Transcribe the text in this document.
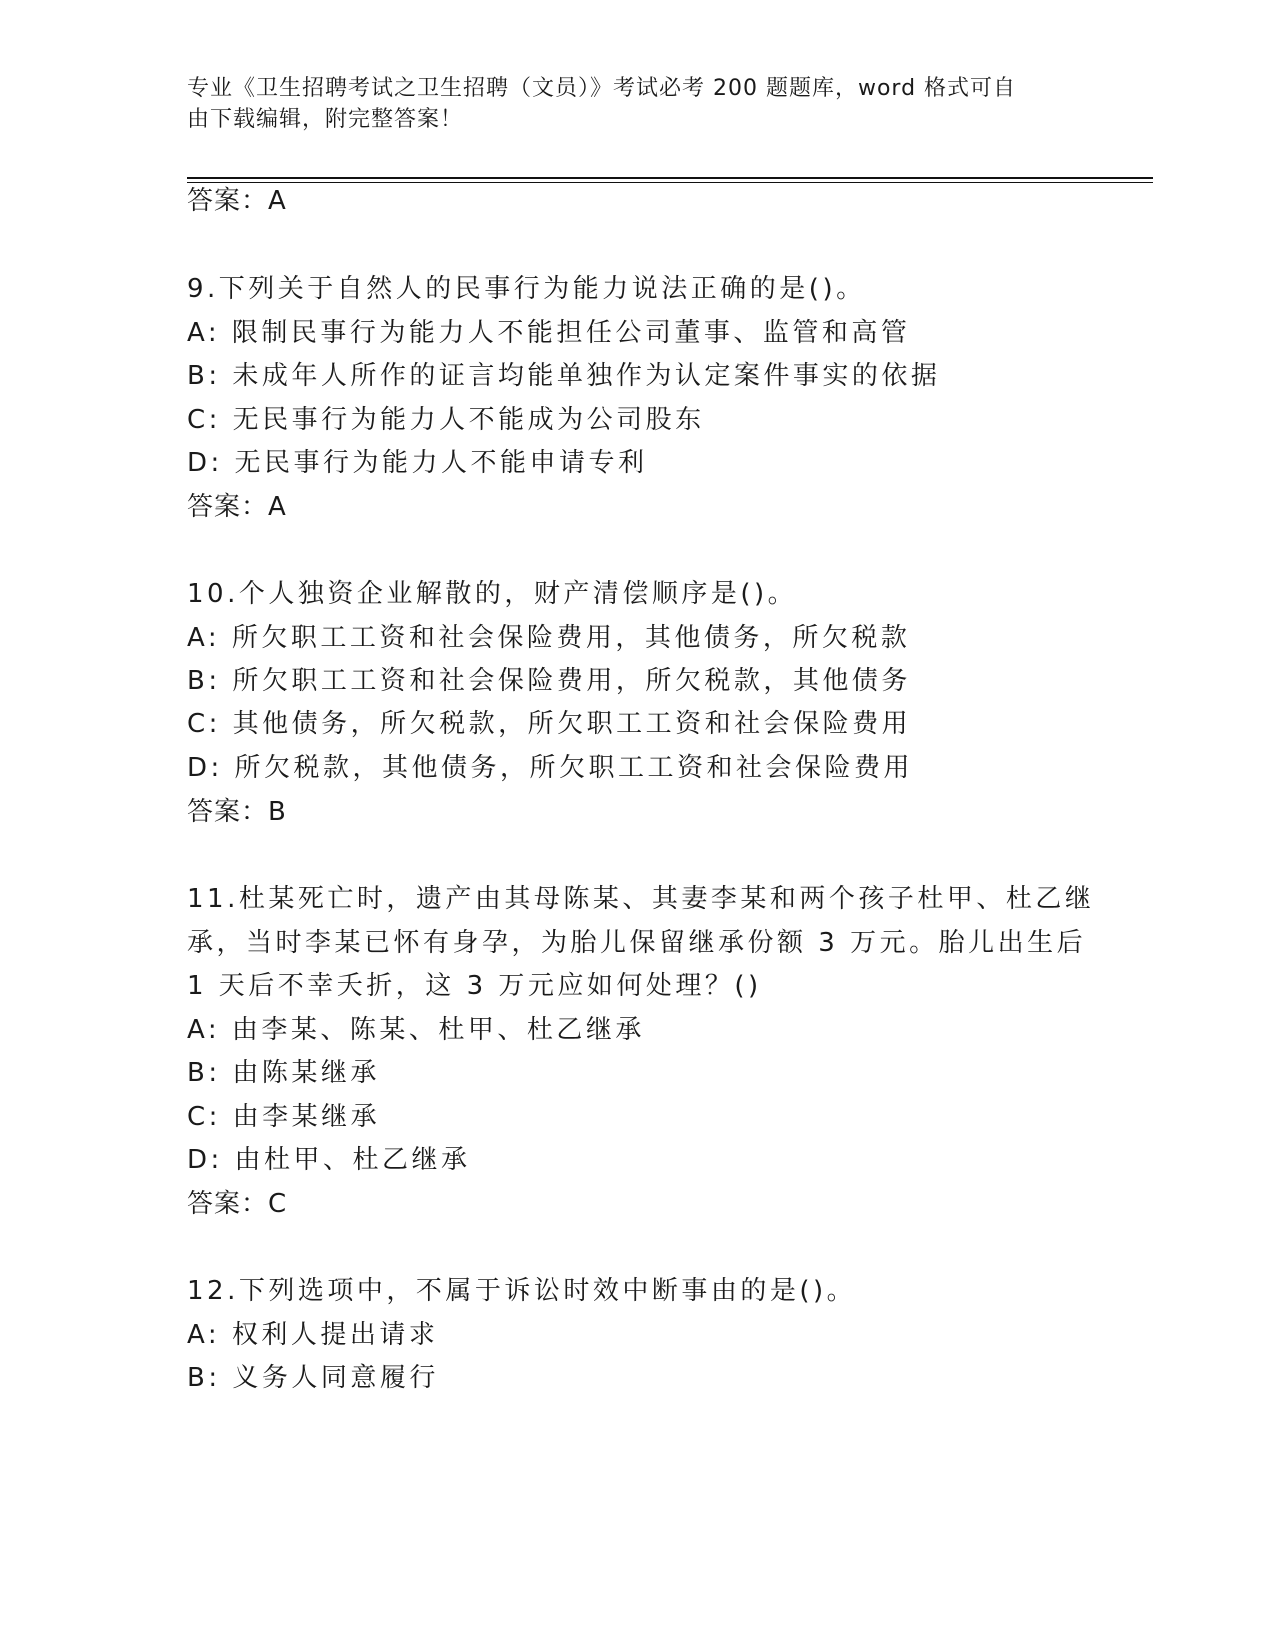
专业《卫生招聘考试之卫生招聘（文员）》考试必考 200 题题库，word 格式可自
由下载编辑，附完整答案！
答案：A
9.下列关于自然人的民事行为能力说法正确的是()。
A: 限制民事行为能力人不能担任公司董事、监管和高管
B: 未成年人所作的证言均能单独作为认定案件事实的依据
C: 无民事行为能力人不能成为公司股东
D: 无民事行为能力人不能申请专利
答案：A
10.个人独资企业解散的，财产清偿顺序是()。
A: 所欠职工工资和社会保险费用，其他债务，所欠税款
B: 所欠职工工资和社会保险费用，所欠税款，其他债务
C: 其他债务，所欠税款，所欠职工工资和社会保险费用
D: 所欠税款，其他债务，所欠职工工资和社会保险费用
答案：B
11.杜某死亡时，遗产由其母陈某、其妻李某和两个孩子杜甲、杜乙继
承，当时李某已怀有身孕，为胎儿保留继承份额 3 万元。胎儿出生后
1 天后不幸夭折，这 3 万元应如何处理？()
A: 由李某、陈某、杜甲、杜乙继承
B: 由陈某继承
C: 由李某继承
D: 由杜甲、杜乙继承
答案：C
12.下列选项中，不属于诉讼时效中断事由的是()。
A: 权利人提出请求
B: 义务人同意履行
